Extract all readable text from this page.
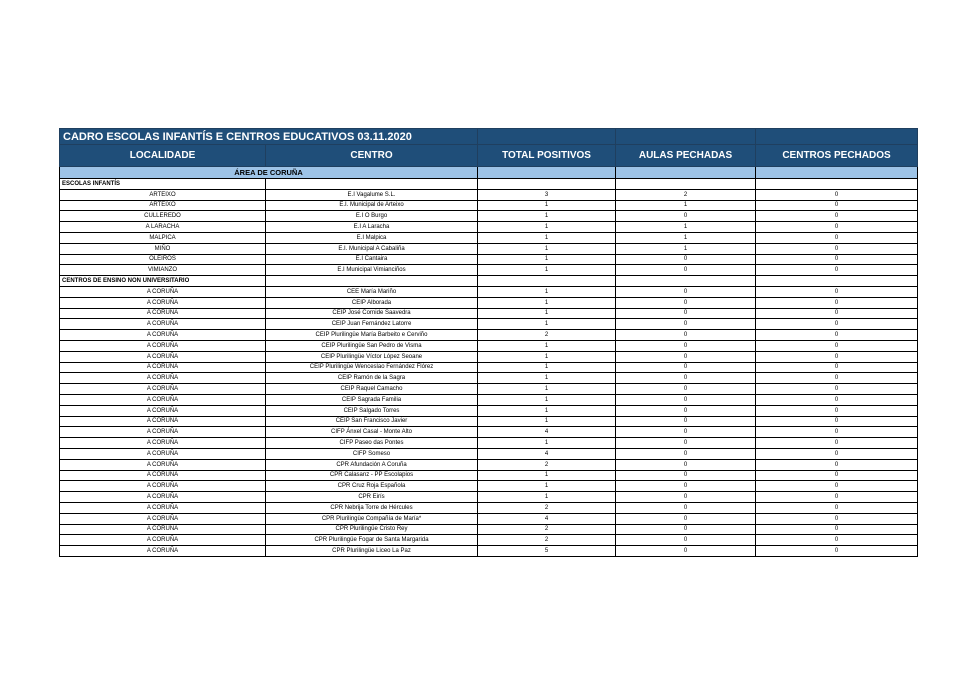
CADRO ESCOLAS INFANTÍS E CENTROS EDUCATIVOS 03.11.2020				
LOCALIDADE	CENTRO	TOTAL POSITIVOS	AULAS PECHADAS	CENTROS PECHADOS
ÁREA DE CORUÑA				
ESCOLAS INFANTÍS				
ARTEIXO	E.I Vagalume S.L.	3	2	0
ARTEIXO	E.I. Municipal de Arteixo	1	1	0
CULLEREDO	E.I O Burgo	1	0	0
A LARACHA	E.I A Laracha	1	1	0
MALPICA	E.I Malpica	1	1	0
MIÑO	E.I. Municipal A Cabaliña	1	1	0
OLEIROS	E.I Cantaira	1	0	0
VIMIANZO	E.I Municipal Vimianciños	1	0	0
CENTROS DE ENSINO NON UNIVERSITARIO				
A CORUÑA	CEE María Mariño	1	0	0
A CORUÑA	CEIP Alborada	1	0	0
A CORUÑA	CEIP José Cornide Saavedra	1	0	0
A CORUÑA	CEIP Juan Fernández Latorre	1	0	0
A CORUÑA	CEIP Plurilingüe María Barbeito e Cerviño	2	0	0
A CORUÑA	CEIP Plurilingüe San Pedro de Visma	1	0	0
A CORUÑA	CEIP Plurilingüe Víctor López Seoane	1	0	0
A CORUÑA	CEIP Plurilingüe Wenceslao Fernández Flórez	1	0	0
A CORUÑA	CEIP Ramón de la Sagra	1	0	0
A CORUÑA	CEIP Raquel Camacho	1	0	0
A CORUÑA	CEIP Sagrada Familia	1	0	0
A CORUÑA	CEIP Salgado Torres	1	0	0
A CORUÑA	CEIP San Francisco Javier	1	0	0
A CORUÑA	CIFP Ánxel Casal - Monte Alto	4	0	0
A CORUÑA	CIFP Paseo das Pontes	1	0	0
A CORUÑA	CIFP Someso	4	0	0
A CORUÑA	CPR Afundación A Coruña	2	0	0
A CORUÑA	CPR Calasanz - PP Escolapios	1	0	0
A CORUÑA	CPR Cruz Roja Española	1	0	0
A CORUÑA	CPR Eirís	1	0	0
A CORUÑA	CPR Nebrija Torre de Hércules	2	0	0
A CORUÑA	CPR Plurilingüe Compañía de María*	4	0	0
A CORUÑA	CPR Plurilingüe Cristo Rey	2	0	0
A CORUÑA	CPR Plurilingüe Fogar de Santa Margarida	2	0	0
A CORUÑA	CPR Plurilingüe Liceo La Paz	5	0	0
